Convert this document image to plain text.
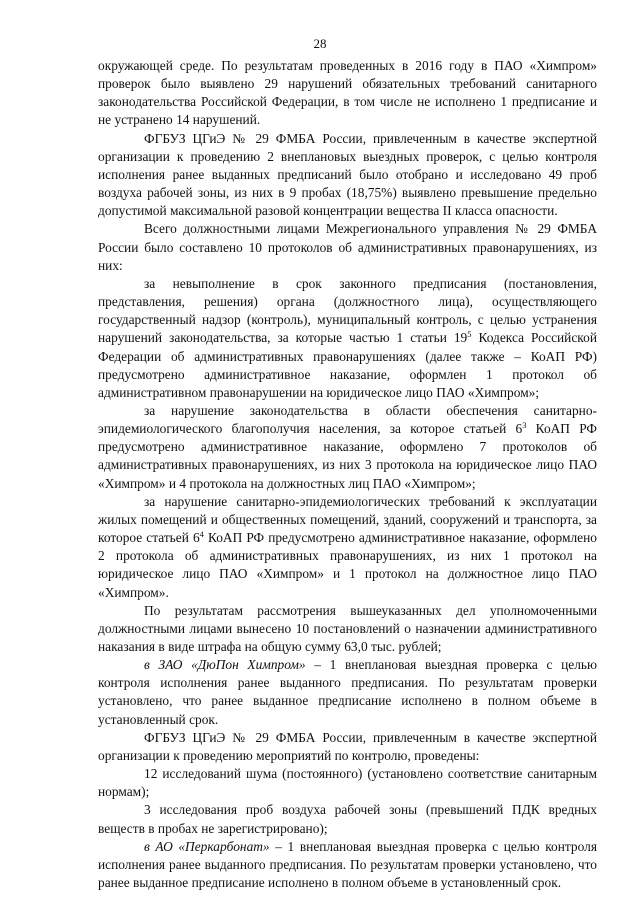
28

окружающей среде. По результатам проведенных в 2016 году в ПАО «Химпром» проверок было выявлено 29 нарушений обязательных требований санитарного законодательства Российской Федерации, в том числе не исполнено 1 предписание и не устранено 14 нарушений.

ФГБУЗ ЦГиЭ № 29 ФМБА России, привлеченным в качестве экспертной организации к проведению 2 внеплановых выездных проверок, с целью контроля исполнения ранее выданных предписаний было отобрано и исследовано 49 проб воздуха рабочей зоны, из них в 9 пробах (18,75%) выявлено превышение предельно допустимой максимальной разовой концентрации вещества II класса опасности.

Всего должностными лицами Межрегионального управления № 29 ФМБА России было составлено 10 протоколов об административных правонарушениях, из них:

за невыполнение в срок законного предписания (постановления, представления, решения) органа (должностного лица), осуществляющего государственный надзор (контроль), муниципальный контроль, с целью устранения нарушений законодательства, за которые частью 1 статьи $19^5$ Кодекса Российской Федерации об административных правонарушениях (далее также – КоАП РФ) предусмотрено административное наказание, оформлен 1 протокол об административном правонарушении на юридическое лицо ПАО «Химпром»;

за нарушение законодательства в области обеспечения санитарно-эпидемиологического благополучия населения, за которое статьей $6^3$ КоАП РФ предусмотрено административное наказание, оформлено 7 протоколов об административных правонарушениях, из них 3 протокола на юридическое лицо ПАО «Химпром» и 4 протокола на должностных лиц ПАО «Химпром»;

за нарушение санитарно-эпидемиологических требований к эксплуатации жилых помещений и общественных помещений, зданий, сооружений и транспорта, за которое статьей $6^4$ КоАП РФ предусмотрено административное наказание, оформлено 2 протокола об административных правонарушениях, из них 1 протокол на юридическое лицо ПАО «Химпром» и 1 протокол на должностное лицо ПАО «Химпром».

По результатам рассмотрения вышеуказанных дел уполномоченными должностными лицами вынесено 10 постановлений о назначении административного наказания в виде штрафа на общую сумму 63,0 тыс. рублей;

в ЗАО «ДюПон Химпром» – 1 внеплановая выездная проверка с целью контроля исполнения ранее выданного предписания. По результатам проверки установлено, что ранее выданное предписание исполнено в полном объеме в установленный срок.

ФГБУЗ ЦГиЭ № 29 ФМБА России, привлеченным в качестве экспертной организации к проведению мероприятий по контролю, проведены:

12 исследований шума (постоянного) (установлено соответствие санитарным нормам);

3 исследования проб воздуха рабочей зоны (превышений ПДК вредных веществ в пробах не зарегистрировано);

в АО «Перкарбонат» – 1 внеплановая выездная проверка с целью контроля исполнения ранее выданного предписания. По результатам проверки установлено, что ранее выданное предписание исполнено в полном объеме в установленный срок.
